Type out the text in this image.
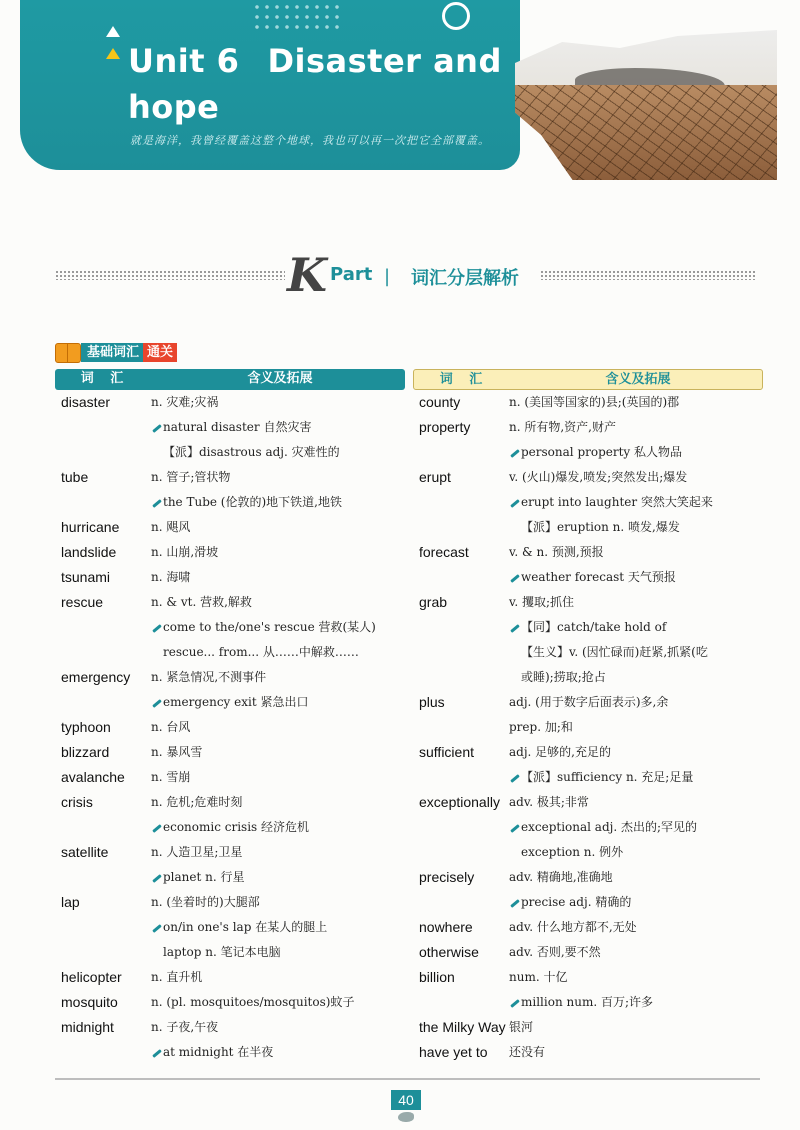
Unit 6 Disaster and
hope
就是海洋，我曾经覆盖这整个地球，我也可以再一次把它全部覆盖。
K Part | 词汇分层解析
基础词汇 通关
词 汇	含义及拓展
disaster	n. 灾难;灾祸
natural disaster 自然灾害
【派】disastrous adj. 灾难性的
tube	n. 管子;管状物
the Tube (伦敦的)地下铁道,地铁
hurricane	n. 飓风
landslide	n. 山崩,滑坡
tsunami	n. 海啸
rescue	n. & vt. 营救,解救
come to the/one's rescue 营救(某人)
rescue... from... 从……中解救……
emergency	n. 紧急情况,不测事件
emergency exit 紧急出口
typhoon	n. 台风
blizzard	n. 暴风雪
avalanche	n. 雪崩
crisis	n. 危机;危难时刻
economic crisis 经济危机
satellite	n. 人造卫星;卫星
planet n. 行星
lap	n. (坐着时的)大腿部
on/in one's lap 在某人的腿上
laptop n. 笔记本电脑
helicopter	n. 直升机
mosquito	n. (pl. mosquitoes/mosquitos)蚊子
midnight	n. 子夜,午夜
at midnight 在半夜
词 汇	含义及拓展
county	n. (美国等国家的)县;(英国的)郡
property	n. 所有物,资产,财产
personal property 私人物品
erupt	v. (火山)爆发,喷发;突然发出;爆发
erupt into laughter 突然大笑起来
【派】eruption n. 喷发,爆发
forecast	v. & n. 预测,预报
weather forecast 天气预报
grab	v. 攫取;抓住
【同】catch/take hold of
【生义】v. (因忙碌而)赶紧,抓紧(吃
或睡);捞取;抢占
plus	adj. (用于数字后面表示)多,余
prep. 加;和
sufficient	adj. 足够的,充足的
【派】sufficiency n. 充足;足量
exceptionally adv. 极其;非常
exceptional adj. 杰出的;罕见的
exception n. 例外
precisely	adv. 精确地,准确地
precise adj. 精确的
nowhere	adv. 什么地方都不,无处
otherwise	adv. 否则,要不然
billion	num. 十亿
million num. 百万;许多
the Milky Way 银河
have yet to	还没有
40
